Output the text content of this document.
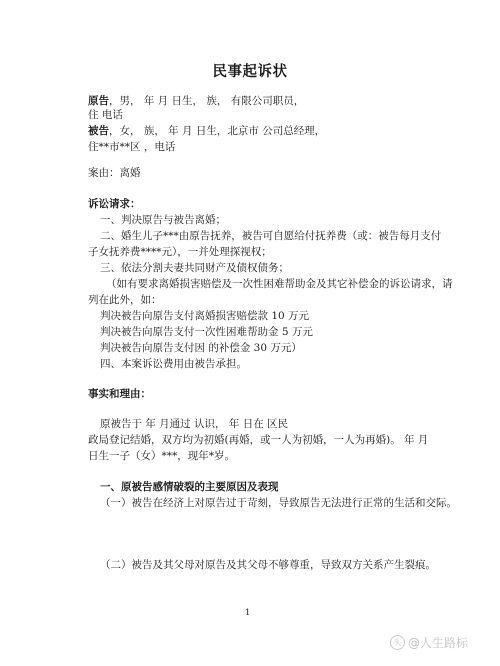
民事起诉状
原告，男， 年 月 日生， 族， 有限公司职员，
住 电话
被告，女， 族， 年 月 日生，北京市 公司总经理，
住**市**区 ，电话
案由：离婚
诉讼请求：
一、判决原告与被告离婚；
二、婚生儿子***由原告抚养，被告可自愿给付抚养费（或：被告每月支付
子女抚养费****元），一并处理探视权；
三、依法分割夫妻共同财产及债权债务；
（如有要求离婚损害赔偿及一次性困难帮助金及其它补偿金的诉讼请求，请
列在此外，如：
判决被告向原告支付离婚损害赔偿款 10 万元
判决被告向原告支付一次性困难帮助金 5 万元
判决被告向原告支付因 的补偿金 30 万元）
四、本案诉讼费用由被告承担。
事实和理由：
原被告于 年 月通过 认识， 年 日在 区民
政局登记结婚，双方均为初婚(再婚，或一人为初婚，一人为再婚)。 年 月
日生一子（女）***，现年*岁。
一、原被告感情破裂的主要原因及表现
（一）被告在经济上对原告过于苛刻，导致原告无法进行正常的生活和交际。
（二）被告及其父母对原告及其父母不够尊重，导致双方关系产生裂痕。
1
头 @人生路标
